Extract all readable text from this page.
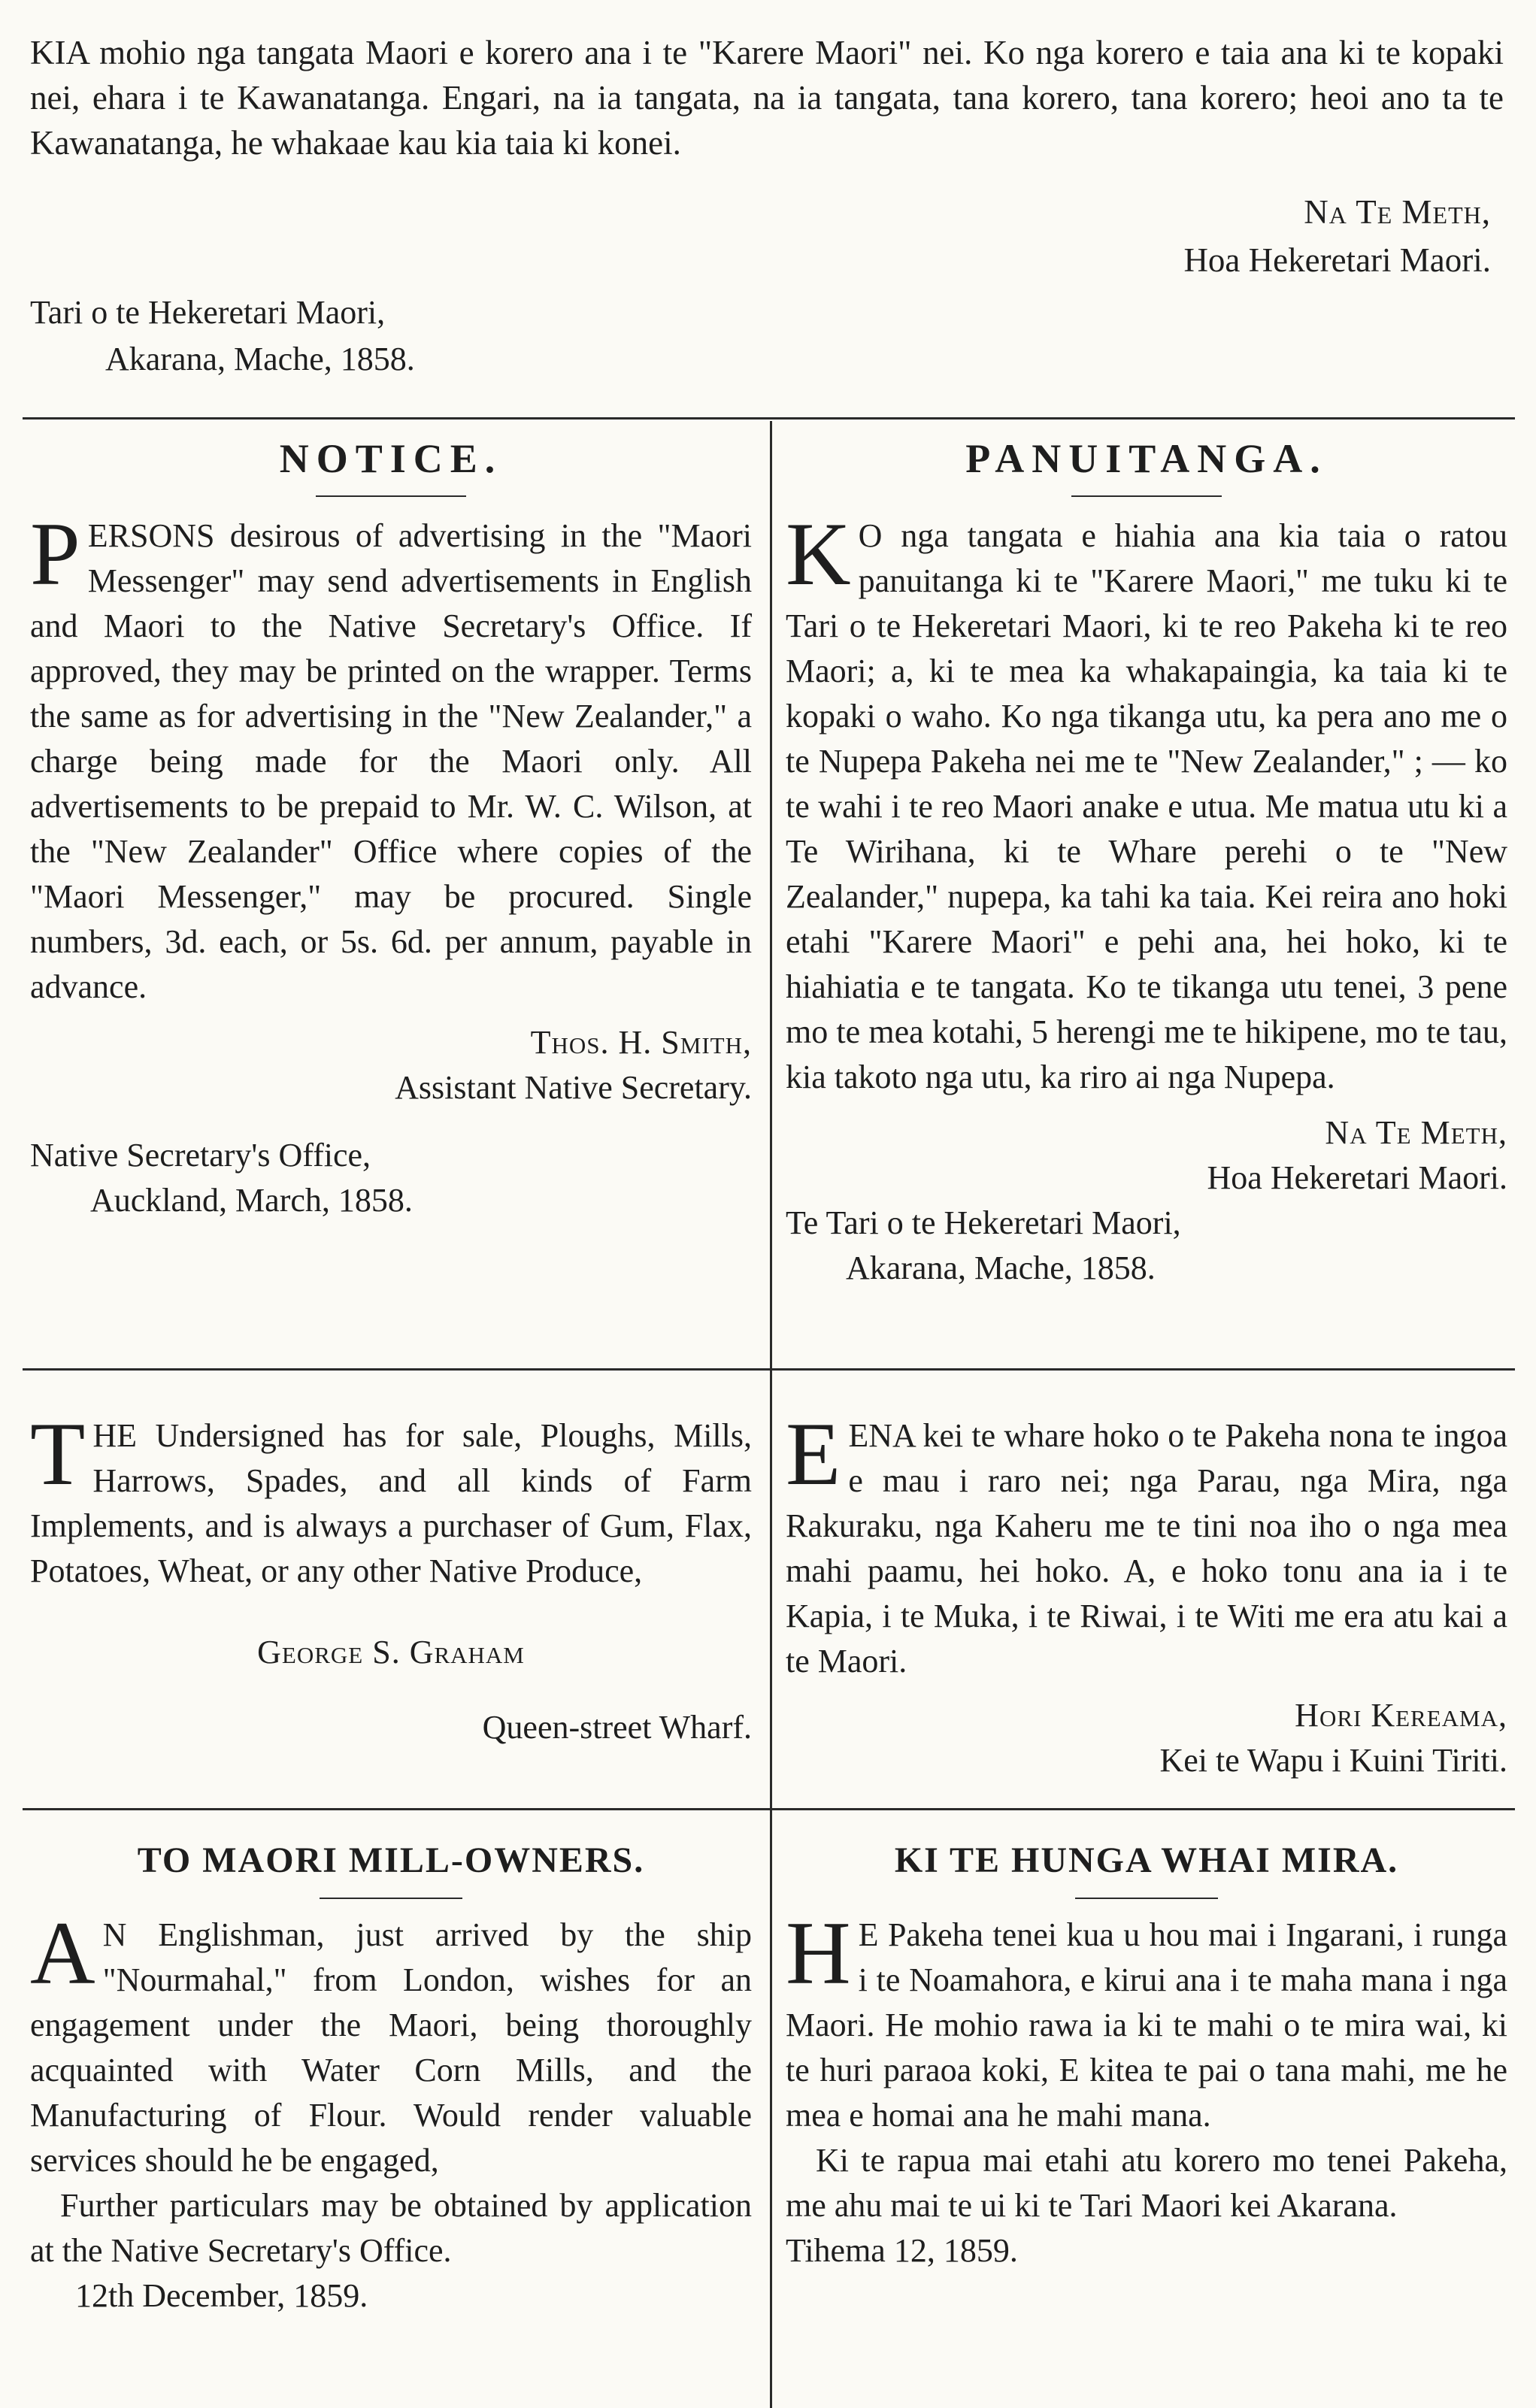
KIA mohio nga tangata Maori e korero ana i te "Karere Maori" nei. Ko nga korero e taia ana ki te kopaki nei, ehara i te Kawanatanga. Engari, na ia tangata, na ia tangata, tana korero, tana korero; heoi ano ta te Kawanatanga, he whakaae kau kia taia ki konei.

Na Te Meth,
Hoa Hekeretari Maori.
Tari o te Hekeretari Maori,
Akarana, Mache, 1858.
NOTICE.

PERSONS desirous of advertising in the "Maori Messenger" may send advertisements in English and Maori to the Native Secretary's Office. If approved, they may be printed on the wrapper. Terms the same as for advertising in the "New Zealander," a charge being made for the Maori only. All advertisements to be prepaid to Mr. W. C. Wilson, at the "New Zealander" Office where copies of the "Maori Messenger," may be procured. Single numbers, 3d. each, or 5s. 6d. per annum, payable in advance.

Thos. H. Smith,
Assistant Native Secretary.
Native Secretary's Office,
Auckland, March, 1858.
PANUITANGA.

K O nga tangata e hiahia ana kia taia o ratou panuitanga ki te "Karere Maori," me tuku ki te Tari o te Hekeretari Maori, ki te reo Pakeha ki te reo Maori; a, ki te mea ka whakapaingia, ka taia ki te kopaki o waho. Ko nga tikanga utu, ka pera ano me o te Nupepa Pakeha nei me te "New Zealander," ; — ko te wahi i te reo Maori anake e utua. Me matua utu ki a Te Wirihana, ki te Whare perehi o te "New Zealander," nupepa, ka tahi ka taia. Kei reira ano hoki etahi "Karere Maori" e pehi ana, hei hoko, ki te hiahiatia e te tangata. Ko te tikanga utu tenei, 3 pene mo te mea kotahi, 5 herengi me te hikipene, mo te tau, kia takoto nga utu, ka riro ai nga Nupepa.

Na Te Meth,
Hoa Hekeretari Maori.
Te Tari o te Hekeretari Maori,
Akarana, Mache, 1858.

THE Undersigned has for sale, Ploughs, Mills, Harrows, Spades, and all kinds of Farm Implements, and is always a purchaser of Gum, Flax, Potatoes, Wheat, or any other Native Produce,

George S. Graham
Queen-street Wharf.

EENA kei te whare hoko o te Pakeha nona te ingoa e mau i raro nei; nga Parau, nga Mira, nga Rakuraku, nga Kaheru me te tini noa iho o nga mea mahi paamu, hei hoko. A, e hoko tonu ana ia i te Kapia, i te Muka, i te Riwai, i te Witi me era atu kai a te Maori.

Hori Kereama,
Kei te Wapu i Kuini Tiriti.
TO MAORI MILL-OWNERS.

A N Englishman, just arrived by the ship "Nourmahal," from London, wishes for an engagement under the Maori, being thoroughly acquainted with Water Corn Mills, and the Manufacturing of Flour. Would render valuable services should he be engaged,

Further particulars may be obtained by application at the Native Secretary's Office.

12th December, 1859.
KI TE HUNGA WHAI MIRA.

H E Pakeha tenei kua u hou mai i Ingarani, i runga i te Noamahora, e kirui ana i te maha mana i nga Maori. He mohio rawa ia ki te mahi o te mira wai, ki te huri paraoa koki, E kitea te pai o tana mahi, me he mea e homai ana he mahi mana.

Ki te rapua mai etahi atu korero mo tenei Pakeha, me ahu mai te ui ki te Tari Maori kei Akarana.

Tihema 12, 1859.
